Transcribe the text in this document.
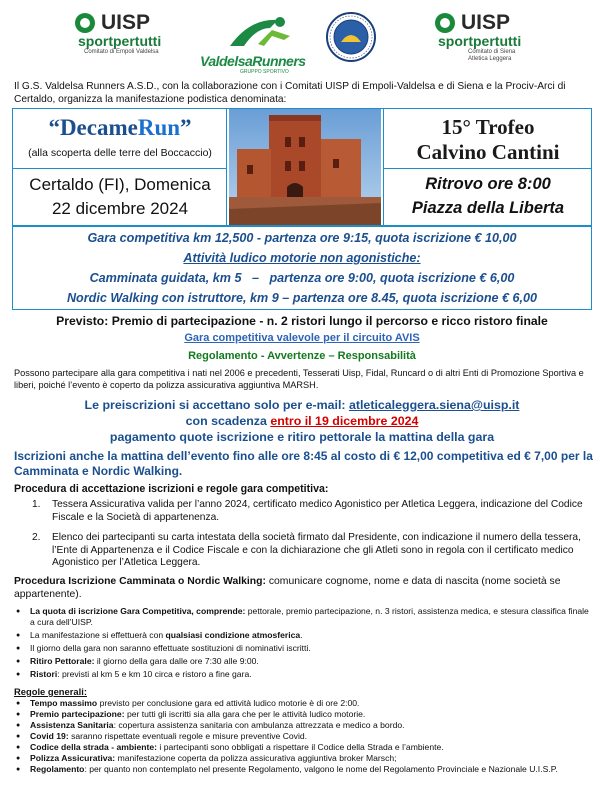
UISP
sportpertutti
Comitato di Empoli Valdelsa
ValdelsaRunners
GRUPPO SPORTIVO
UISP
sportpertutti
Comitato di Siena
Atletica Leggera
Il G.S. Valdelsa Runners A.S.D., con la collaborazione con i Comitati UISP di Empoli-Valdelsa e di Siena e la Prociv-Arci di Certaldo, organizza la manifestazione podistica denominata:
“DecameRun”
(alla scoperta delle terre del Boccaccio)
Certaldo (FI), Domenica
22 dicembre 2024
15° Trofeo
Calvino Cantini
Ritrovo ore 8:00
Piazza della Liberta
Gara competitiva km 12,500 - partenza ore 9:15, quota iscrizione € 10,00
Attività ludico motorie non agonistiche:
Camminata guidata, km 5   –   partenza ore 9:00, quota iscrizione € 6,00
Nordic Walking con istruttore, km 9 – partenza ore 8.45, quota iscrizione € 6,00
Previsto: Premio di partecipazione - n. 2 ristori lungo il percorso e ricco ristoro finale
Gara competitiva valevole per il circuito AVIS
Regolamento - Avvertenze – Responsabilità
Possono partecipare alla gara competitiva i nati nel 2006 e precedenti, Tesserati Uisp, Fidal, Runcard o di altri Enti di Promozione Sportiva e liberi, poiché l’evento è coperto da polizza assicurativa aggiuntiva MARSH.
Le preiscrizioni si accettano solo per e-mail: atleticaleggera.siena@uisp.it
con scadenza entro il 19 dicembre 2024
pagamento quote iscrizione e ritiro pettorale la mattina della gara
Iscrizioni anche la mattina dell’evento fino alle ore 8:45 al costo di € 12,00 competitiva ed € 7,00 per la Camminata e Nordic Walking.
Procedura di accettazione iscrizioni e regole gara competitiva:
1. Tessera Assicurativa valida per l’anno 2024, certificato medico Agonistico per Atletica Leggera, indicazione del Codice Fiscale e la Società di appartenenza.
2. Elenco dei partecipanti su carta intestata della società firmato dal Presidente, con indicazione il numero della tessera, l’Ente di Appartenenza e il Codice Fiscale e con la dichiarazione che gli Atleti sono in regola con il certificato medico Agonistico per l’Atletica Leggera.
Procedura Iscrizione Camminata o Nordic Walking: comunicare cognome, nome e data di nascita (nome società se appartenente).
● La quota di iscrizione Gara Competitiva, comprende: pettorale, premio partecipazione, n. 3 ristori, assistenza medica, e stesura classifica finale a cura dell’UISP.
● La manifestazione si effettuerà con qualsiasi condizione atmosferica.
● Il giorno della gara non saranno effettuate sostituzioni di nominativi iscritti.
● Ritiro Pettorale: il giorno della gara dalle ore 7:30 alle 9:00.
● Ristori: previsti al km 5 e km 10 circa e ristoro a fine gara.
Regole generali:
● Tempo massimo previsto per conclusione gara ed attività ludico motorie è di ore 2:00.
● Premio partecipazione: per tutti gli iscritti sia alla gara che per le attività ludico motorie.
● Assistenza Sanitaria: copertura assistenza sanitaria con ambulanza attrezzata e medico a bordo.
● Covid 19: saranno rispettate eventuali regole e misure preventive Covid.
● Codice della strada - ambiente: i partecipanti sono obbligati a rispettare il Codice della Strada e l’ambiente.
● Polizza Assicurativa: manifestazione coperta da polizza assicurativa aggiuntiva broker Marsch;
● Regolamento: per quanto non contemplato nel presente Regolamento, valgono le nome del Regolamento Provinciale e Nazionale U.I.S.P.
